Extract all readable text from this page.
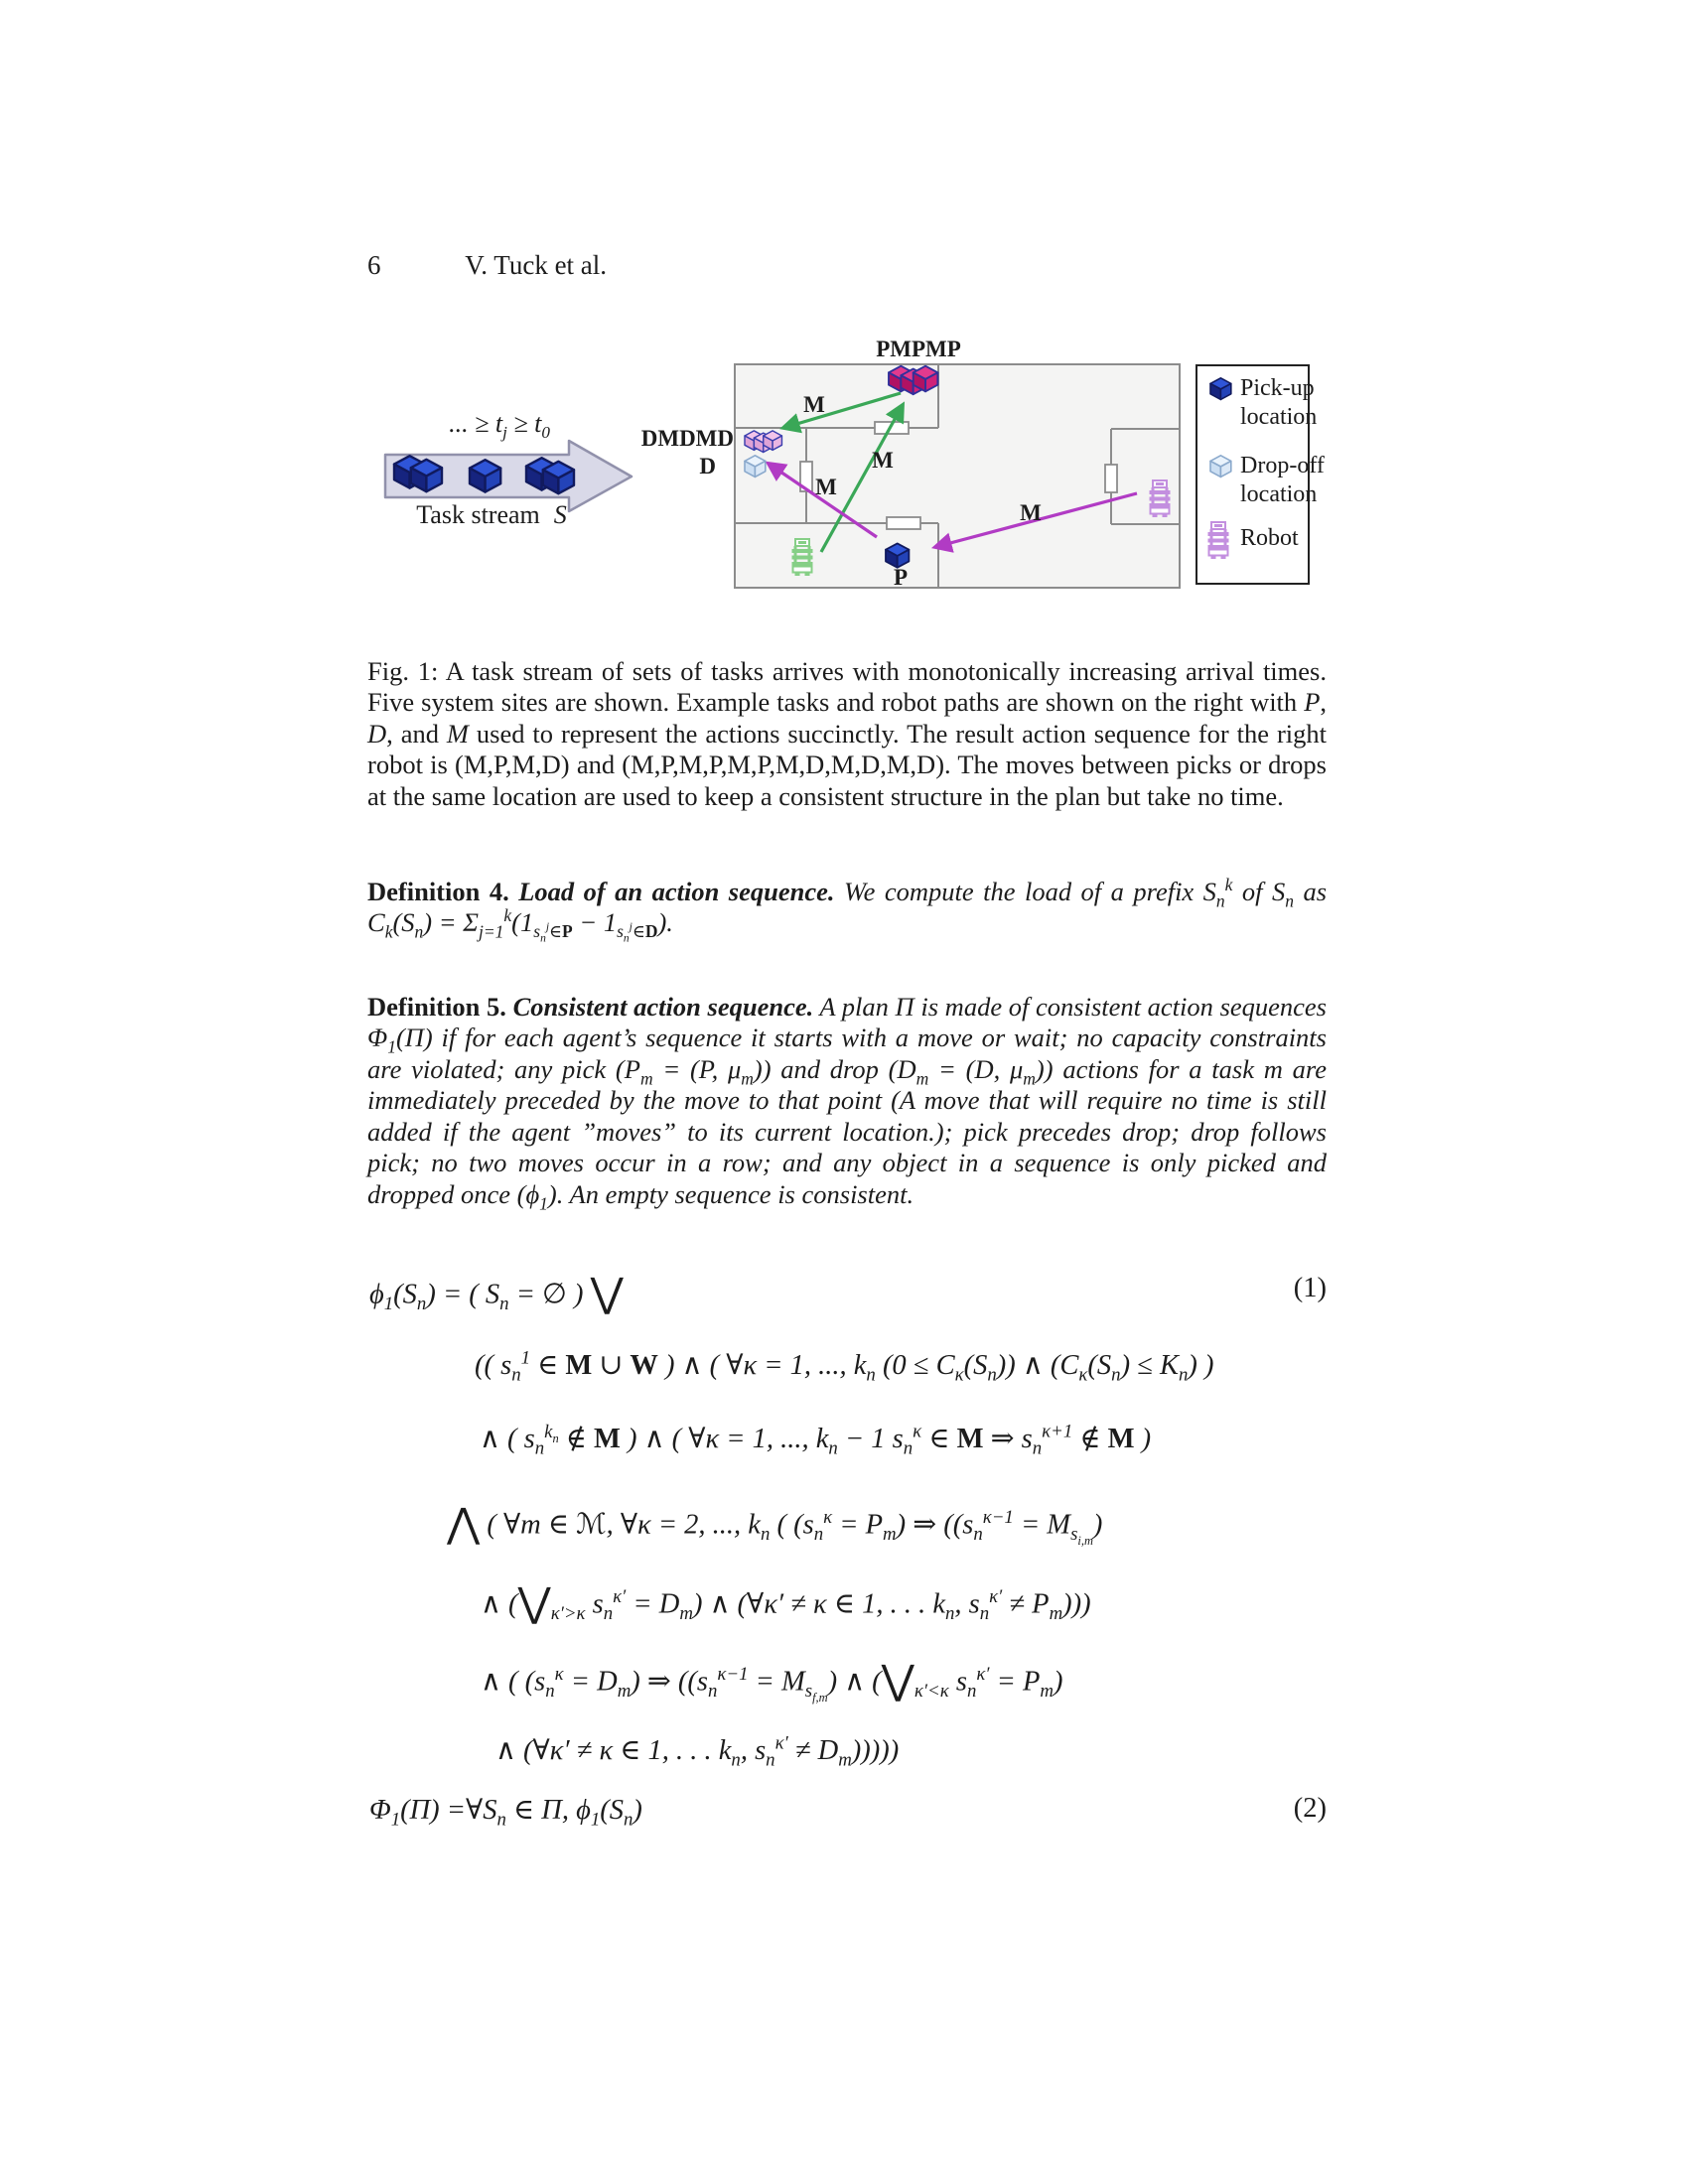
6	V. Tuck et al.
PMPMP
DMDMD
D
M
M
M
M
P
Pick-up
location
Drop-off
location
Robot
... ≥ $t_j \ge t_0$
Task stream S

Fig. 1: A task stream of sets of tasks arrives with monotonically increasing arrival times. Five system sites are shown. Example tasks and robot paths are shown on the right with P, D, and M used to represent the actions succinctly. The result action sequence for the right robot is (M,P,M,D) and (M,P,M,P,M,P,M,D,M,D,M,D). The moves between picks or drops at the same location are used to keep a consistent structure in the plan but take no time.

Definition 4. Load of an action sequence. We compute the load of a prefix $S_n^k$ of $S_n$ as $C_k(S_n) = \Sigma_{j=1}^k(1_{s_n^j\in P} - 1_{s_n^j\in D})$.

Definition 5. Consistent action sequence. A plan Π is made of consistent action sequences $\Phi_1(\Pi)$ if for each agent’s sequence it starts with a move or wait; no capacity constraints are violated; any pick ($P_m = (P$, $\mu_m$)) and drop ($D_m = (D$, $\mu_m$)) actions for a task m are immediately preceded by the move to that point (A move that will require no time is still added if the agent ”moves” to its current location.); pick precedes drop; drop follows pick; no two moves occur in a row; and any object in a sequence is only picked and dropped once $(\phi_1)$. An empty sequence is consistent.

$\phi_1(S_n)$ = ( $S_n$ = ∅ ) ⋁	(1)
(( $s_n^1$ ∈ M ∪ W ) ∧ ( ∀κ = 1, ..., $k_n$ $(0 \le C_\kappa(S_n))$ ∧ $(C_\kappa(S_n) \le K_n)$ )
∧ ( $s_n^{k_n}$ ∉ M ) ∧ ( ∀κ = 1, ..., $k_n - 1$ $s_n^\kappa$ ∈ M ⇒ $s_n^{\kappa+1}$ ∉ M )
⋀ ( ∀m ∈ ℳ, ∀κ = 2, ..., $k_n$ ( $(s_n^\kappa = P_m)$ ⇒ ($(s_n^{\kappa-1} = M_{s_{i,m}})$
∧ ($⋁_{\kappa'>\kappa}$ $s_n^{\kappa'} = D_m$) ∧ (∀κ′ ≠ κ ∈ 1, . . . $k_n$, $s_n^{\kappa'} \ne P_m$)))
∧ ( $(s_n^\kappa = D_m)$ ⇒ ($(s_n^{\kappa-1} = M_{s_{f,m}})$ ∧ ($⋁_{\kappa'<\kappa}$ $s_n^{\kappa'} = P_m$)
∧ (∀κ′ ≠ κ ∈ 1, . . . $k_n$, $s_n^{\kappa'} \ne D_m$)))))
$\Phi_1(\Pi)$ $=\forall S_n$ ∈ Π, $\phi_1(S_n)$	(2)
